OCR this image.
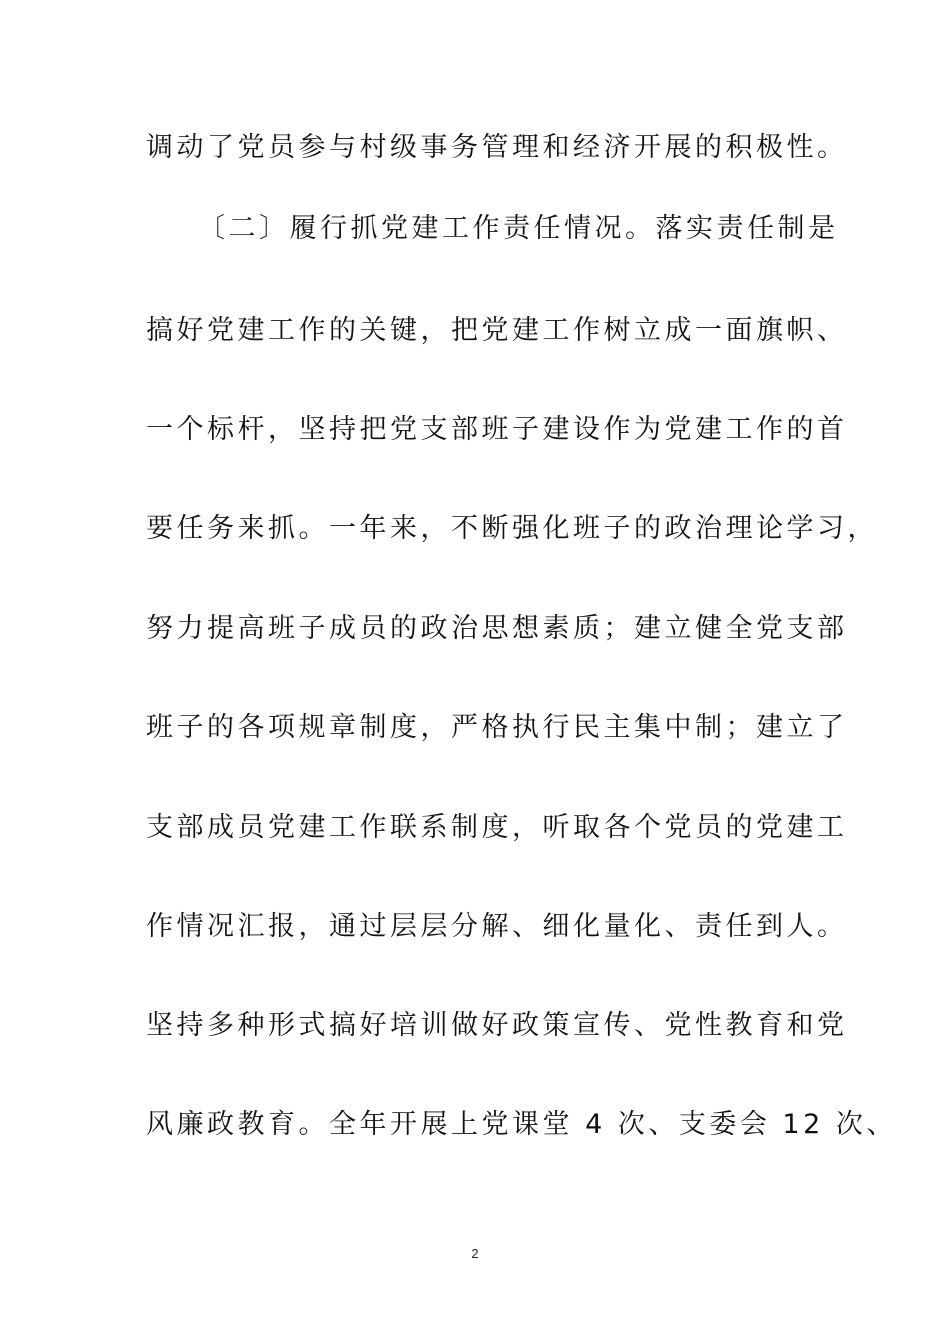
调动了党员参与村级事务管理和经济开展的积极性。
〔二〕履行抓党建工作责任情况。落实责任制是
搞好党建工作的关键，把党建工作树立成一面旗帜、
一个标杆，坚持把党支部班子建设作为党建工作的首
要任务来抓。一年来，不断强化班子的政治理论学习，
努力提高班子成员的政治思想素质；建立健全党支部
班子的各项规章制度，严格执行民主集中制；建立了
支部成员党建工作联系制度，听取各个党员的党建工
作情况汇报，通过层层分解、细化量化、责任到人。
坚持多种形式搞好培训做好政策宣传、党性教育和党
风廉政教育。全年开展上党课堂 4 次、支委会 12 次、
2
